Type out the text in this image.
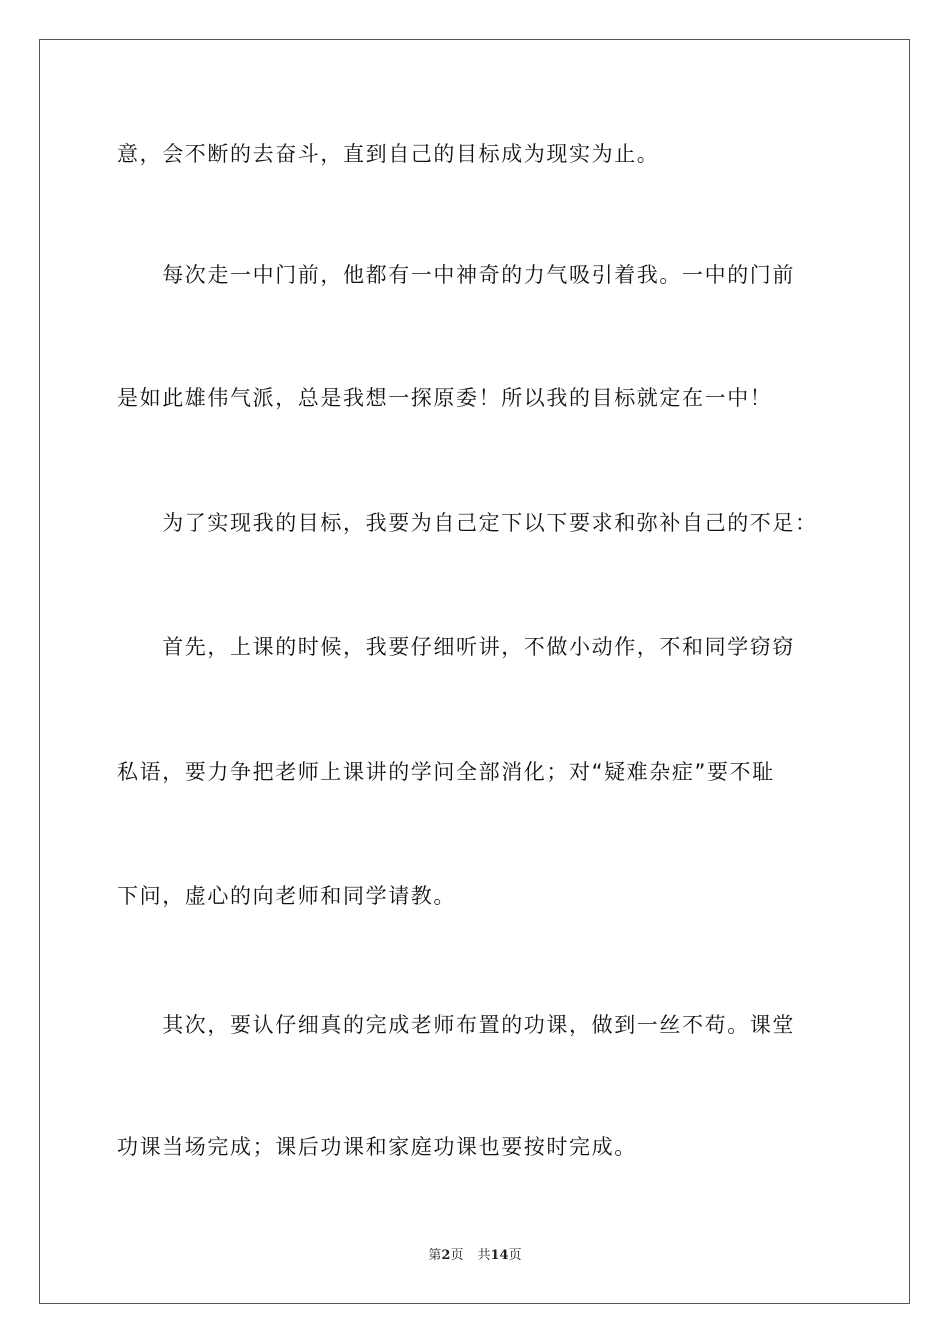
意，会不断的去奋斗，直到自己的目标成为现实为止。
　　每次走一中门前，他都有一中神奇的力气吸引着我。一中的门前
是如此雄伟气派，总是我想一探原委！所以我的目标就定在一中！
　　为了实现我的目标，我要为自己定下以下要求和弥补自己的不足：
　　首先，上课的时候，我要仔细听讲，不做小动作，不和同学窃窃
私语，要力争把老师上课讲的学问全部消化；对“疑难杂症”要不耻
下问，虚心的向老师和同学请教。
　　其次，要认仔细真的完成老师布置的功课，做到一丝不苟。课堂
功课当场完成；课后功课和家庭功课也要按时完成。
第2页 共14页
